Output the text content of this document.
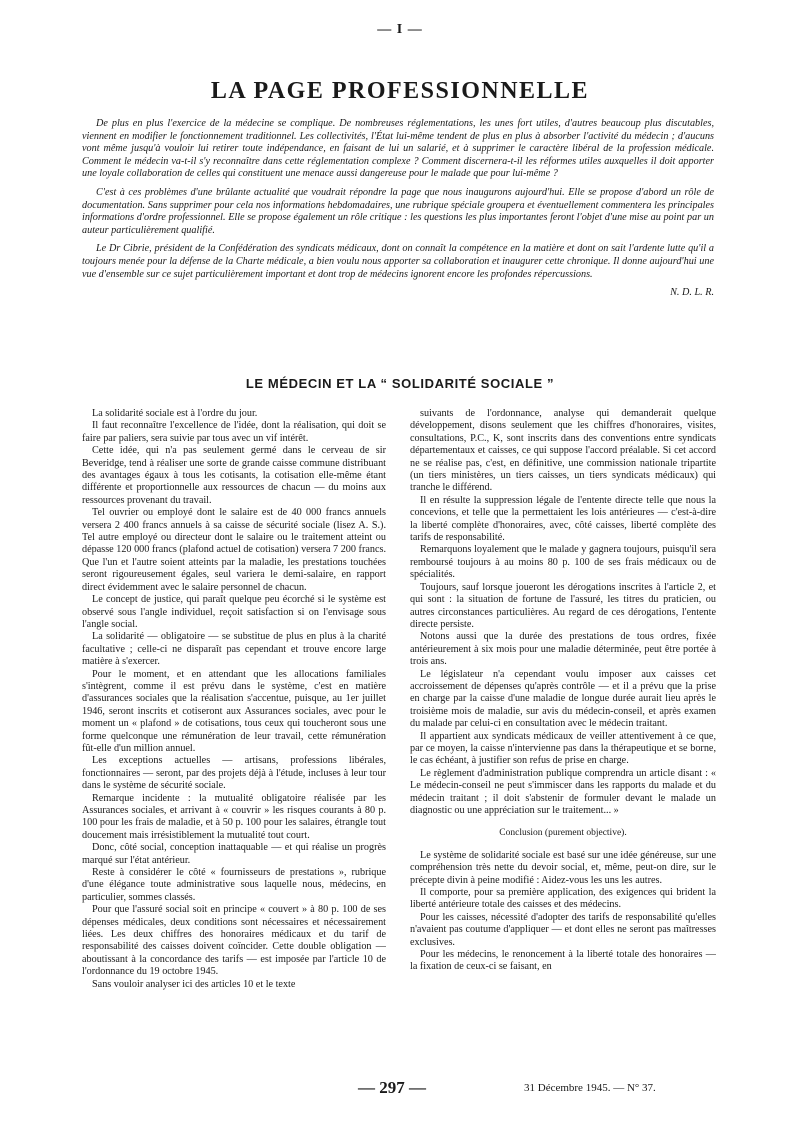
— I —
LA PAGE PROFESSIONNELLE

De plus en plus l'exercice de la médecine se complique. De nombreuses réglementations, les unes fort utiles, d'autres beaucoup plus discutables, viennent en modifier le fonctionnement traditionnel. Les collectivités, l'État lui-même tendent de plus en plus à absorber l'activité du médecin ; d'aucuns vont même jusqu'à vouloir lui retirer toute indépendance, en faisant de lui un salarié, et à supprimer le caractère libéral de la profession médicale. Comment le médecin va-t-il s'y reconnaître dans cette réglementation complexe ? Comment discernera-t-il les réformes utiles auxquelles il doit apporter une loyale collaboration de celles qui constituent une menace aussi dangereuse pour le malade que pour lui-même ?

C'est à ces problèmes d'une brûlante actualité que voudrait répondre la page que nous inaugurons aujourd'hui. Elle se propose d'abord un rôle de documentation. Sans supprimer pour cela nos informations hebdomadaires, une rubrique spéciale groupera et éventuellement commentera les principales informations d'ordre professionnel. Elle se propose également un rôle critique : les questions les plus importantes feront l'objet d'une mise au point par un auteur particulièrement qualifié.

Le Dr Cibrie, président de la Confédération des syndicats médicaux, dont on connaît la compétence en la matière et dont on sait l'ardente lutte qu'il a toujours menée pour la défense de la Charte médicale, a bien voulu nous apporter sa collaboration et inaugurer cette chronique. Il donne aujourd'hui une vue d'ensemble sur ce sujet particulièrement important et dont trop de médecins ignorent encore les profondes répercussions.

N. D. L. R.

LE MÉDECIN ET LA “ SOLIDARITÉ SOCIALE ”

La solidarité sociale est à l'ordre du jour.

Il faut reconnaître l'excellence de l'idée, dont la réalisation, qui doit se faire par paliers, sera suivie par tous avec un vif intérêt.

Cette idée, qui n'a pas seulement germé dans le cerveau de sir Beveridge, tend à réaliser une sorte de grande caisse commune distribuant des avantages égaux à tous les cotisants, la cotisation elle-même étant différente et proportionnelle aux ressources de chacun — du moins aux ressources provenant du travail.

Tel ouvrier ou employé dont le salaire est de 40 000 francs annuels versera 2 400 francs annuels à sa caisse de sécurité sociale (lisez A. S.). Tel autre employé ou directeur dont le salaire ou le traitement atteint ou dépasse 120 000 francs (plafond actuel de cotisation) versera 7 200 francs. Que l'un et l'autre soient atteints par la maladie, les prestations touchées seront rigoureusement égales, seul variera le demi-salaire, en rapport direct évidemment avec le salaire personnel de chacun.

Le concept de justice, qui paraît quelque peu écorché si le système est observé sous l'angle individuel, reçoit satisfaction si on l'envisage sous l'angle social.

La solidarité — obligatoire — se substitue de plus en plus à la charité facultative ; celle-ci ne disparaît pas cependant et trouve encore large matière à s'exercer.

Pour le moment, et en attendant que les allocations familiales s'intègrent, comme il est prévu dans le système, c'est en matière d'assurances sociales que la réalisation s'accentue, puisque, au 1er juillet 1946, seront inscrits et cotiseront aux Assurances sociales, avec pour le moment un « plafond » de cotisations, tous ceux qui toucheront sous une forme quelconque une rémunération de leur travail, cette rémunération fût-elle d'un million annuel.

Les exceptions actuelles — artisans, professions libérales, fonctionnaires — seront, par des projets déjà à l'étude, incluses à leur tour dans le système de sécurité sociale.

Remarque incidente : la mutualité obligatoire réalisée par les Assurances sociales, et arrivant à « couvrir » les risques courants à 80 p. 100 pour les frais de maladie, et à 50 p. 100 pour les salaires, étrangle tout doucement mais irrésistiblement la mutualité tout court.

Donc, côté social, conception inattaquable — et qui réalise un progrès marqué sur l'état antérieur.

Reste à considérer le côté « fournisseurs de prestations », rubrique d'une élégance toute administrative sous laquelle nous, médecins, en particulier, sommes classés.

Pour que l'assuré social soit en principe « couvert » à 80 p. 100 de ses dépenses médicales, deux conditions sont nécessaires et nécessairement liées. Les deux chiffres des honoraires médicaux et du tarif de responsabilité des caisses doivent coïncider. Cette double obligation — aboutissant à la concordance des tarifs — est imposée par l'article 10 de l'ordonnance du 19 octobre 1945.

Sans vouloir analyser ici des articles 10 et le texte

suivants de l'ordonnance, analyse qui demanderait quelque développement, disons seulement que les chiffres d'honoraires, visites, consultations, P.C., K, sont inscrits dans des conventions entre syndicats départementaux et caisses, ce qui suppose l'accord préalable. Si cet accord ne se réalise pas, c'est, en définitive, une commission nationale tripartite (un tiers ministères, un tiers caisses, un tiers syndicats médicaux) qui tranche le différend.

Il en résulte la suppression légale de l'entente directe telle que nous la concevions, et telle que la permettaient les lois antérieures — c'est-à-dire la liberté complète d'honoraires, avec, côté caisses, liberté complète des tarifs de responsabilité.

Remarquons loyalement que le malade y gagnera toujours, puisqu'il sera remboursé toujours à au moins 80 p. 100 de ses frais médicaux ou de spécialités.

Toujours, sauf lorsque joueront les dérogations inscrites à l'article 2, et qui sont : la situation de fortune de l'assuré, les titres du praticien, ou autres circonstances particulières. Au regard de ces dérogations, l'entente directe persiste.

Notons aussi que la durée des prestations de tous ordres, fixée antérieurement à six mois pour une maladie déterminée, peut être portée à trois ans.

Le législateur n'a cependant voulu imposer aux caisses cet accroissement de dépenses qu'après contrôle — et il a prévu que la prise en charge par la caisse d'une maladie de longue durée aurait lieu après le troisième mois de maladie, sur avis du médecin-conseil, et après examen du malade par celui-ci en consultation avec le médecin traitant.

Il appartient aux syndicats médicaux de veiller attentivement à ce que, par ce moyen, la caisse n'intervienne pas dans la thérapeutique et se borne, le cas échéant, à justifier son refus de prise en charge.

Le règlement d'administration publique comprendra un article disant : « Le médecin-conseil ne peut s'immiscer dans les rapports du malade et du médecin traitant ; il doit s'abstenir de formuler devant le malade un diagnostic ou une appréciation sur le traitement... »

Conclusion (purement objective).

Le système de solidarité sociale est basé sur une idée généreuse, sur une compréhension très nette du devoir social, et, même, peut-on dire, sur le précepte divin à peine modifié : Aidez-vous les uns les autres.

Il comporte, pour sa première application, des exigences qui brident la liberté antérieure totale des caisses et des médecins.

Pour les caisses, nécessité d'adopter des tarifs de responsabilité qu'elles n'avaient pas coutume d'appliquer — et dont elles ne seront pas maîtresses exclusives.

Pour les médecins, le renoncement à la liberté totale des honoraires — la fixation de ceux-ci se faisant, en

— 297 —	31 Décembre 1945. — N° 37.
